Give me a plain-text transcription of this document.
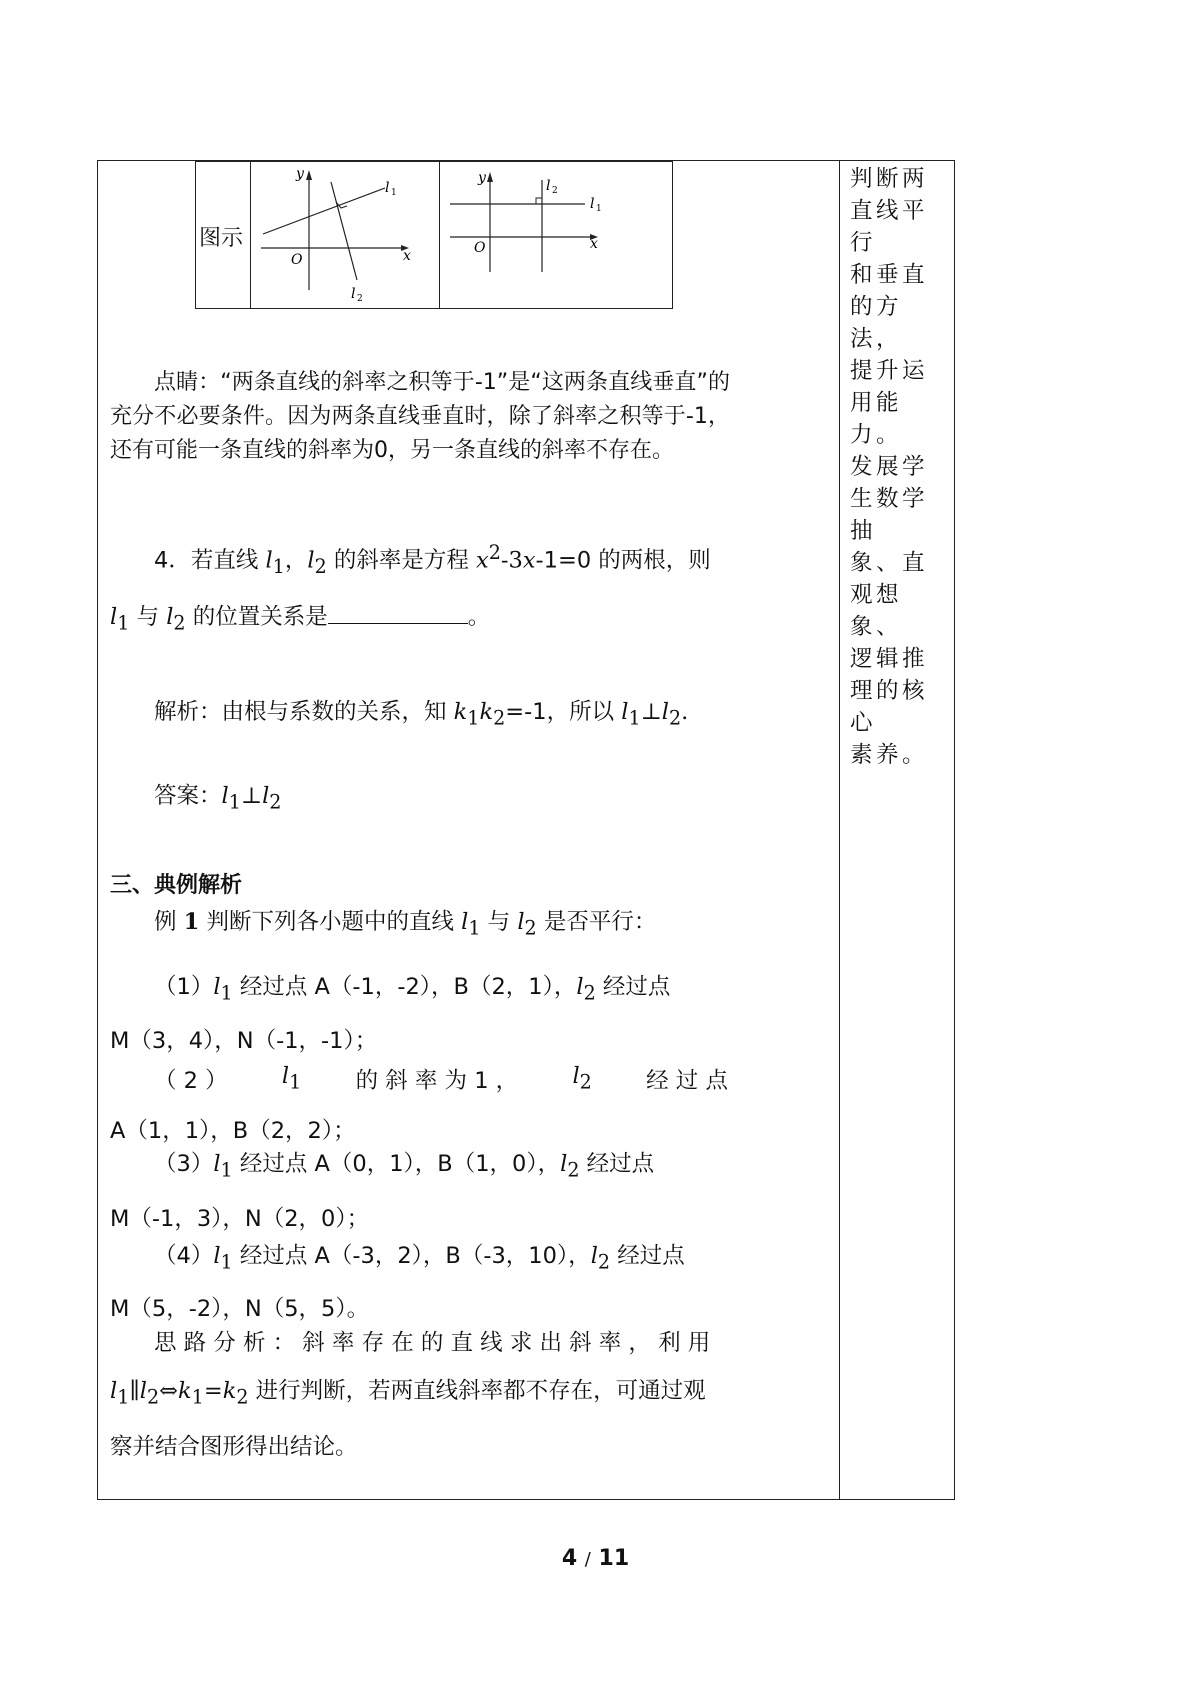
图示
y
x
O
l 1
l 2
y
x
O
l 1
l 2
点睛：“两条直线的斜率之积等于-1”是“这两条直线垂直”的充分不必要条件。因为两条直线垂直时，除了斜率之积等于-1，还有可能一条直线的斜率为0，另一条直线的斜率不存在。
4．若直线 $l_1$，$l_2$ 的斜率是方程 $x^2-3x-1=0$ 的两根，则
$l_1$ 与 $l_2$ 的位置关系是	。
解析：由根与系数的关系，知 $k_1k_2=-1$，所以 $l_1\perp l_2$.
答案：$l_1\perp l_2$
三、典例解析
例 1 判断下列各小题中的直线 $l_1$ 与 $l_2$ 是否平行：
$(1)l_1$ 经过点 A（-1，-2），B（2，1），$l_2$ 经过点
M（3，4），N（-1，-1）；
（ 2 ） $l_1$ 的 斜 率 为 1 ， $l_2$ 经 过 点
A（1，1），B（2，2）；
$(3)l_1$ 经过点 A（0，1），B（1，0），$l_2$ 经过点
M（-1，3），N（2，0）；
$(4)l_1$ 经过点 A（-3，2），B（-3，10），$l_2$ 经过点
M（5，-2），N（5，5）。
思 路 分 析 ： 斜 率 存 在 的 直 线 求 出 斜 率 ， 利 用
$l_1\parallel l_2\Leftrightarrow k_1=k_2$ 进行判断，若两直线斜率都不存在，可通过观
察并结合图形得出结论。

判断两直线平行

和垂直的方法，

提升运用能力。

发展学生数学抽

象、直观想象、

逻辑推理的核心

素养。

4 / 11
